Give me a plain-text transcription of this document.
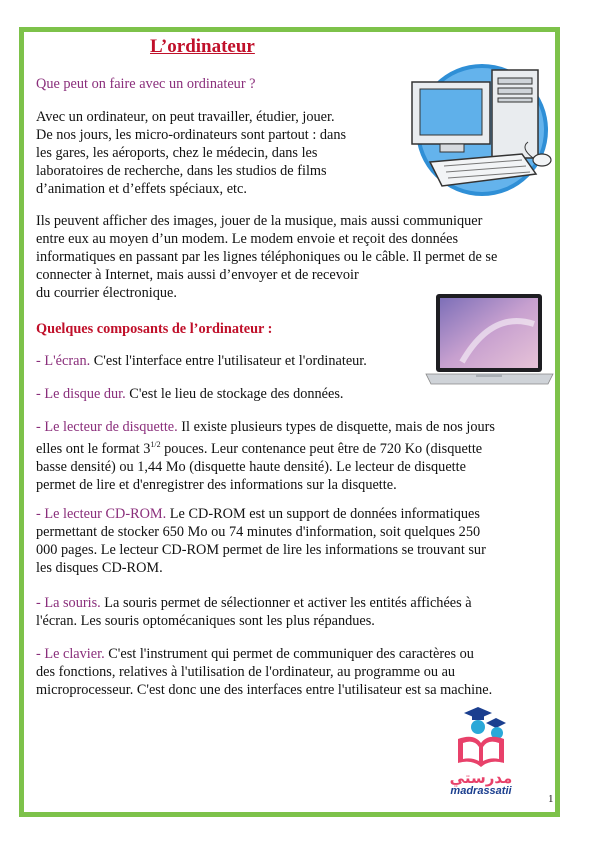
L’ordinateur
Que peut on faire avec un ordinateur ?
Avec un ordinateur, on peut travailler, étudier, jouer.
De nos jours, les micro-ordinateurs sont partout : dans
les gares, les aéroports, chez le médecin, dans les
laboratoires de recherche, dans les studios de films
d’animation et d’effets spéciaux, etc.
Ils peuvent afficher des images, jouer de la musique, mais aussi communiquer
entre eux au moyen d’un modem. Le modem envoie et reçoit des données
informatiques en passant par les lignes téléphoniques ou le câble. Il permet de se
connecter à Internet, mais aussi d’envoyer et de recevoir
du courrier électronique.
Quelques composants de l’ordinateur :
- L'écran. C'est l'interface entre l'utilisateur et l'ordinateur.
- Le disque dur. C'est le lieu de stockage des données.
- Le lecteur de disquette. Il existe plusieurs types de disquette, mais de nos jours
elles ont le format $3^{1/2}$ pouces. Leur contenance peut être de 720 Ko (disquette
basse densité) ou 1,44 Mo (disquette haute densité). Le lecteur de disquette
permet de lire et d'enregistrer des informations sur la disquette.
- Le lecteur CD-ROM. Le CD-ROM est un support de données informatiques
permettant de stocker 650 Mo ou 74 minutes d'information, soit quelques 250
000 pages. Le lecteur CD-ROM permet de lire les informations se trouvant sur
les disques CD-ROM.
- La souris. La souris permet de sélectionner et activer les entités affichées à
l'écran. Les souris optomécaniques sont les plus répandues.
- Le clavier. C'est l'instrument qui permet de communiquer des caractères ou
des fonctions, relatives à l'utilisation de l'ordinateur, au programme ou au
microprocesseur. C'est donc une des interfaces entre l'utilisateur est sa machine.
مدرستي
madrassatii
1
